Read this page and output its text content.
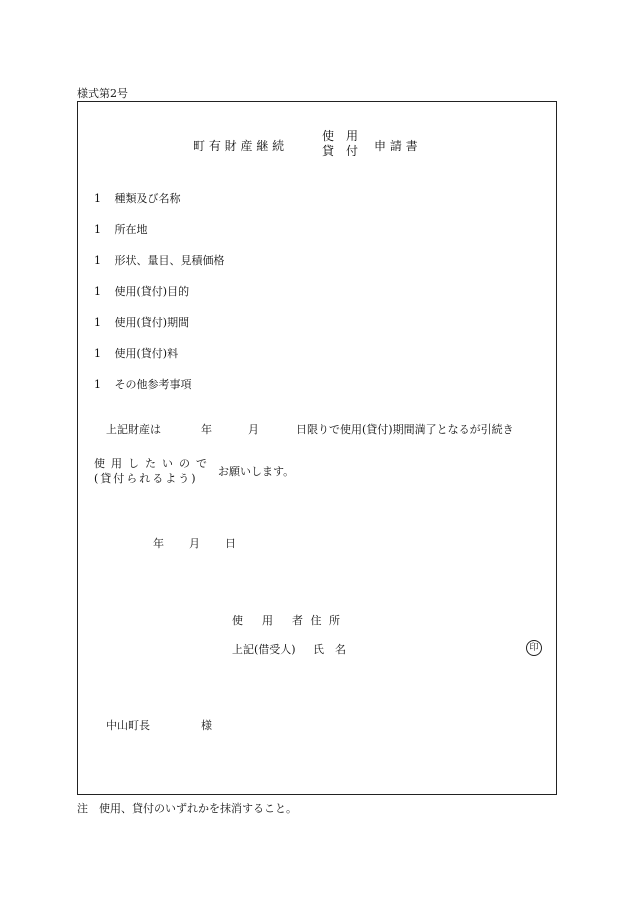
様式第2号
町 有 財 産 継 続
使　用
貸　付 申 請 書
1 種類及び名称
1 所在地
1 形状、量目、見積価格
1 使用(貸付)目的
1 使用(貸付)期間
1 使用(貸付)料
1 その他参考事項
上記財産は	年	月	日限りで使用(貸付)期間満了となるが引続き
使用したいので
(貸付られるよう)
お願いします。
年 月 日
使 用 者 住 所
上記(借受人) 氏　名	印
中山町長	様
注　使用、貸付のいずれかを抹消すること。
